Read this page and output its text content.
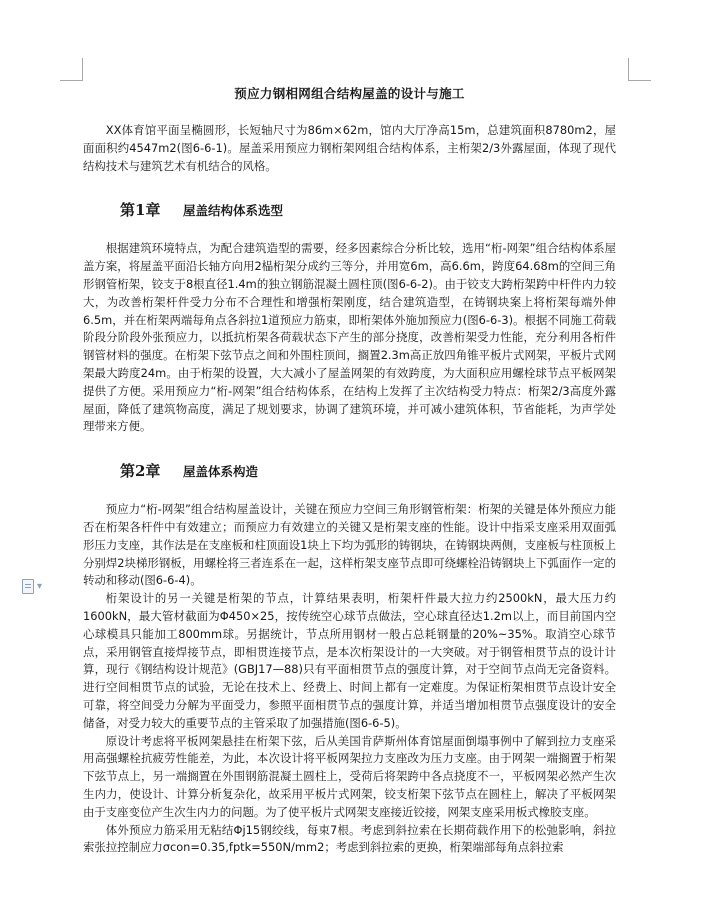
▾
预应力钢相网组合结构屋盖的设计与施工

XX体育馆平面呈椭圆形，长短轴尺寸为86m×62m，馆内大厅净高15m，总建筑面积8780m2，屋面面积约4547m2(图6-6-1)。屋盖采用预应力钢桁架网组合结构体系，主桁架2/3外露屋面，体现了现代结构技术与建筑艺术有机结合的风格。

第1章	屋盖结构体系选型

根据建筑环境特点，为配合建筑造型的需要，经多因素综合分析比较，选用“桁-网架”组合结构体系屋盖方案，将屋盖平面沿长轴方向用2榀桁架分成约三等分，并用宽6m，高6.6m，跨度64.68m的空间三角形钢管桁架，铰支于8根直径1.4m的独立钢筋混凝土圆柱顶(图6-6-2)。由于铰支大跨桁架跨中杆件内力较大，为改善桁架杆件受力分布不合理性和增强桁架刚度，结合建筑造型，在铸钢块案上将桁架每端外伸6.5m，并在桁架两端每角点各斜拉1道预应力筋束，即桁架体外施加预应力(图6-6-3)。根据不同施工荷载阶段分阶段外张预应力，以抵抗桁架各荷载状态下产生的部分挠度，改善桁架受力性能，充分利用各桁件钢管材料的强度。在桁架下弦节点之间和外围柱顶间，搁置2.3m高正放四角锥平板片式网架，平板片式网架最大跨度24m。由于桁架的设置，大大减小了屋盖网架的有效跨度，为大面积应用螺栓球节点平板网架提供了方便。采用预应力“桁-网架”组合结构体系，在结构上发挥了主次结构受力特点：桁架2/3高度外露屋面，降低了建筑物高度，满足了规划要求，协调了建筑环境，并可减小建筑体积，节省能耗，为声学处理带来方便。

第2章	屋盖体系构造

预应力“桁-网架”组合结构屋盖设计，关键在预应力空间三角形钢管桁架：桁架的关键是体外预应力能否在桁架各杆件中有效建立；而预应力有效建立的关键又是桁架支座的性能。设计中指采支座采用双面弧形压力支座，其作法是在支座板和柱顶面设1块上下均为弧形的铸钢块，在铸钢块两侧，支座板与柱顶板上分别焊2块梯形钢板，用螺栓将三者连系在一起，这样桁架支座节点即可绕螺栓沿铸钢块上下弧面作一定的转动和移动(图6-6-4)。

桁架设计的另一关键是桁架的节点，计算结果表明，桁架杆件最大拉力约2500kN，最大压力约1600kN，最大管材截面为Φ450×25，按传统空心球节点做法，空心球直径达1.2m以上，而目前国内空心球模具只能加工800mm球。另据统计，节点所用钢材一般占总耗钢量的20%~35%。取消空心球节点，采用钢管直接焊接节点，即相贯连接节点，是本次桁架设计的一大突破。对于钢管相贯节点的设计计算，现行《钢结构设计规范》(GBJ17—88)只有平面相贯节点的强度计算，对于空间节点尚无完备资料。进行空间相贯节点的试验，无论在技术上、经费上、时间上都有一定难度。为保证桁架相贯节点设计安全可靠，将空间受力分解为平面受力，参照平面相贯节点的强度计算，并适当增加相贯节点强度设计的安全储备，对受力较大的重要节点的主管采取了加强措施(图6-6-5)。

原设计考虑将平板网架悬挂在桁架下弦，后从美国肯萨斯州体育馆屋面倒塌事例中了解到拉力支座采用高强螺栓抗疲劳性能差，为此，本次设计将平板网架拉力支座改为压力支座。由于网架一端搁置于桁架下弦节点上，另一端搁置在外围钢筋混凝土圆柱上，受荷后将架跨中各点挠度不一，平板网架必然产生次生内力，使设计、计算分析复杂化，故采用平板片式网架，铰支桁架下弦节点在圆柱上，解决了平板网架由于支座变位产生次生内力的问题。为了使平板片式网架支座接近铰接，网架支座采用板式橡胶支座。

体外预应力筋采用无粘结Φj15钢绞线，每束7根。考虑到斜拉索在长期荷载作用下的松弛影响，斜拉索张拉控制应力σcon=0.35,fptk=550N/mm2；考虑到斜拉索的更换，桁架端部每角点斜拉索
